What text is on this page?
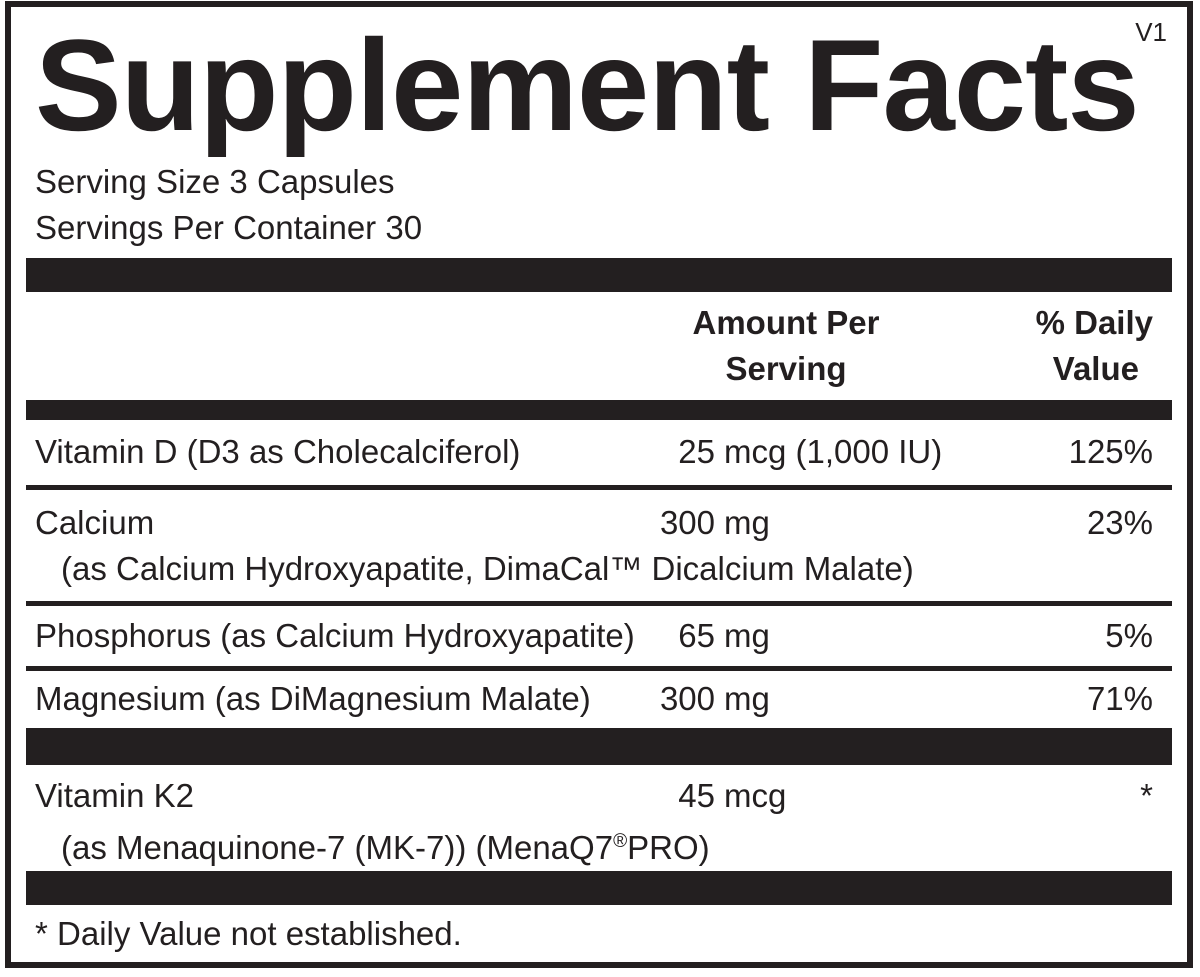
V1
Supplement Facts
Serving Size 3 Capsules
Servings Per Container 30
Amount Per
Serving
% Daily
Value
Vitamin D (D3 as Cholecalciferol)	25 mcg (1,000 IU)	125%
Calcium	300 mg	23%
(as Calcium Hydroxyapatite, DimaCal™ Dicalcium Malate)
Phosphorus (as Calcium Hydroxyapatite)	65 mg	5%
Magnesium (as DiMagnesium Malate)	300 mg	71%
Vitamin K2	45 mcg	*
(as Menaquinone-7 (MK-7)) (MenaQ7®PRO)
* Daily Value not established.
